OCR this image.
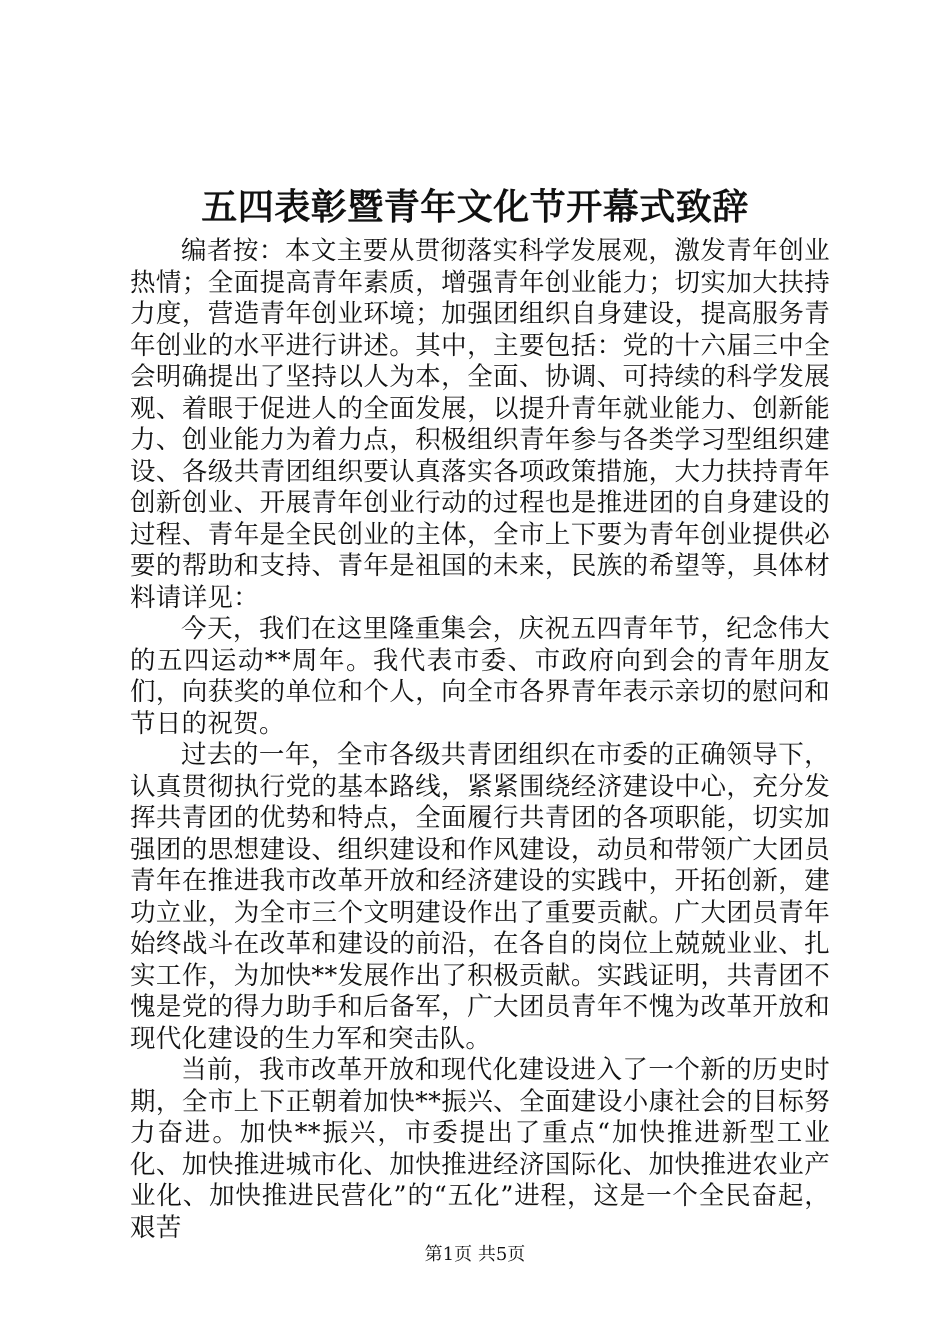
五四表彰暨青年文化节开幕式致辞

编者按：本文主要从贯彻落实科学发展观，激发青年创业热情；全面提高青年素质，增强青年创业能力；切实加大扶持力度，营造青年创业环境；加强团组织自身建设，提高服务青年创业的水平进行讲述。其中，主要包括：党的十六届三中全会明确提出了坚持以人为本，全面、协调、可持续的科学发展观、着眼于促进人的全面发展，以提升青年就业能力、创新能力、创业能力为着力点，积极组织青年参与各类学习型组织建设、各级共青团组织要认真落实各项政策措施，大力扶持青年创新创业、开展青年创业行动的过程也是推进团的自身建设的过程、青年是全民创业的主体，全市上下要为青年创业提供必要的帮助和支持、青年是祖国的未来，民族的希望等，具体材料请详见：

今天，我们在这里隆重集会，庆祝五四青年节，纪念伟大的五四运动**周年。我代表市委、市政府向到会的青年朋友们，向获奖的单位和个人，向全市各界青年表示亲切的慰问和节日的祝贺。

过去的一年，全市各级共青团组织在市委的正确领导下，认真贯彻执行党的基本路线，紧紧围绕经济建设中心，充分发挥共青团的优势和特点，全面履行共青团的各项职能，切实加强团的思想建设、组织建设和作风建设，动员和带领广大团员青年在推进我市改革开放和经济建设的实践中，开拓创新，建功立业，为全市三个文明建设作出了重要贡献。广大团员青年始终战斗在改革和建设的前沿，在各自的岗位上兢兢业业、扎实工作，为加快**发展作出了积极贡献。实践证明，共青团不愧是党的得力助手和后备军，广大团员青年不愧为改革开放和现代化建设的生力军和突击队。

当前，我市改革开放和现代化建设进入了一个新的历史时期，全市上下正朝着加快**振兴、全面建设小康社会的目标努力奋进。加快**振兴，市委提出了重点“加快推进新型工业化、加快推进城市化、加快推进经济国际化、加快推进农业产业化、加快推进民营化”的“五化”进程，这是一个全民奋起，艰苦

第1页 共5页
